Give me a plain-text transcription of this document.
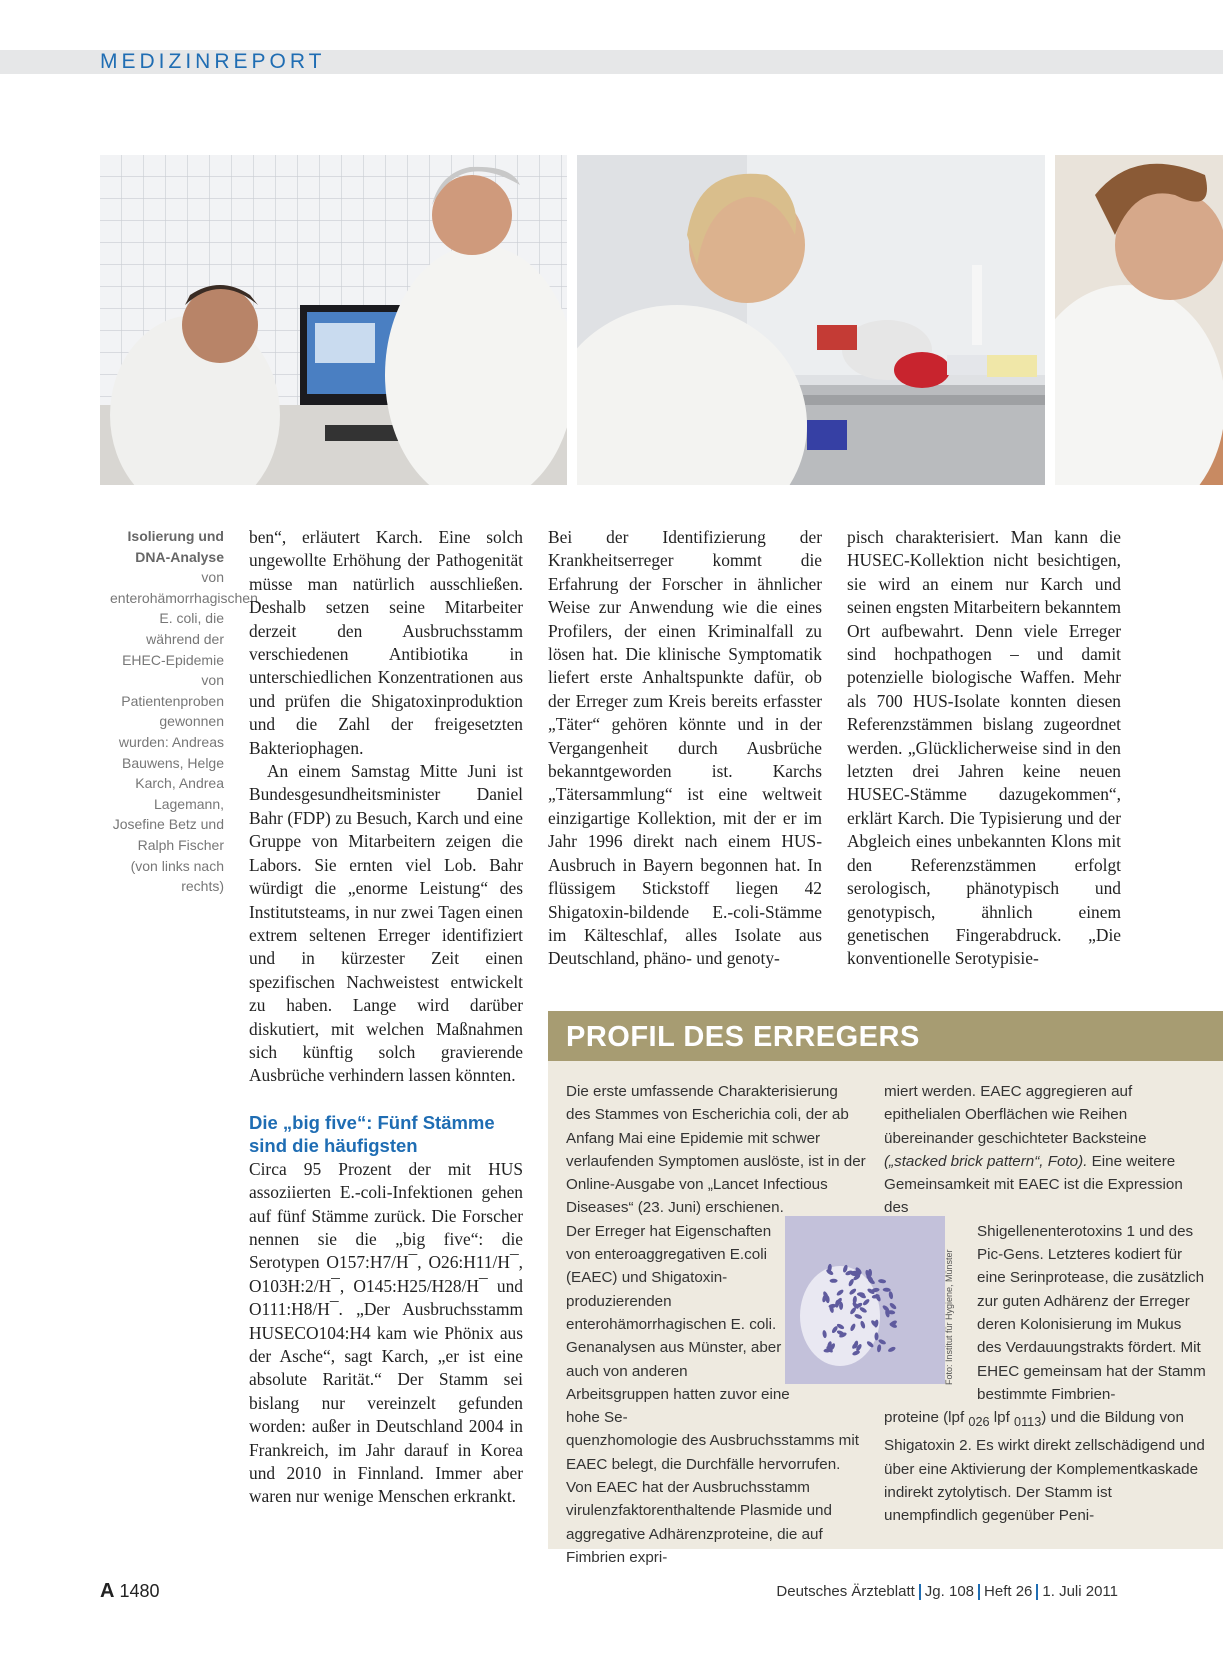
MEDIZINREPORT
Isolierung und DNA-Analyse von enterohämorrhagischen E. coli, die während der EHEC-Epidemie von Patientenproben gewonnen wurden: Andreas Bauwens, Helge Karch, Andrea Lagemann, Josefine Betz und Ralph Fischer (von links nach rechts)

ben“, erläutert Karch. Eine solch ungewollte Erhöhung der Pathogenität müsse man natürlich ausschließen. Deshalb setzen seine Mitarbeiter derzeit den Ausbruchsstamm verschiedenen Antibiotika in unterschiedlichen Konzentrationen aus und prüfen die Shigatoxinproduktion und die Zahl der freigesetzten Bakteriophagen.

An einem Samstag Mitte Juni ist Bundesgesundheitsminister Daniel Bahr (FDP) zu Besuch, Karch und eine Gruppe von Mitarbeitern zeigen die Labors. Sie ernten viel Lob. Bahr würdigt die „enorme Leistung“ des Institutsteams, in nur zwei Tagen einen extrem seltenen Erreger identifiziert und in kürzester Zeit einen spezifischen Nachweistest entwickelt zu haben. Lange wird darüber diskutiert, mit welchen Maßnahmen sich künftig solch gravierende Ausbrüche verhindern lassen könnten.

Die „big five“: Fünf Stämme sind die häufigsten

Circa 95 Prozent der mit HUS assoziierten E.-coli-Infektionen gehen auf fünf Stämme zurück. Die Forscher nennen sie die „big five“: die Serotypen O157:H7/H¯, O26:H11/H¯, O103H:2/H¯, O145:H25/H28/H¯ und O111:H8/H¯. „Der Ausbruchsstamm HUSECO104:H4 kam wie Phönix aus der Asche“, sagt Karch, „er ist eine absolute Rarität.“ Der Stamm sei bislang nur vereinzelt gefunden worden: außer in Deutschland 2004 in Frankreich, im Jahr darauf in Korea und 2010 in Finnland. Immer aber waren nur wenige Menschen erkrankt.

Bei der Identifizierung der Krankheitserreger kommt die Erfahrung der Forscher in ähnlicher Weise zur Anwendung wie die eines Profilers, der einen Kriminalfall zu lösen hat. Die klinische Symptomatik liefert erste Anhaltspunkte dafür, ob der Erreger zum Kreis bereits erfasster „Täter“ gehören könnte und in der Vergangenheit durch Ausbrüche bekanntgeworden ist. Karchs „Tätersammlung“ ist eine weltweit einzigartige Kollektion, mit der er im Jahr 1996 direkt nach einem HUS-Ausbruch in Bayern begonnen hat. In flüssigem Stickstoff liegen 42 Shigatoxin-bildende E.-coli-Stämme im Kälteschlaf, alles Isolate aus Deutschland, phäno- und genoty-

pisch charakterisiert. Man kann die HUSEC-Kollektion nicht besichtigen, sie wird an einem nur Karch und seinen engsten Mitarbeitern bekanntem Ort aufbewahrt. Denn viele Erreger sind hochpathogen – und damit potenzielle biologische Waffen. Mehr als 700 HUS-Isolate konnten diesen Referenzstämmen bislang zugeordnet werden. „Glücklicherweise sind in den letzten drei Jahren keine neuen HUSEC-Stämme dazugekommen“, erklärt Karch. Die Typisierung und der Abgleich eines unbekannten Klons mit den Referenzstämmen erfolgt serologisch, phänotypisch und genotypisch, ähnlich einem genetischen Fingerabdruck. „Die konventionelle Serotypisie-

PROFIL DES ERREGERS

Die erste umfassende Charakterisierung des Stammes von Escherichia coli, der ab Anfang Mai eine Epidemie mit schwer verlaufenden Symptomen auslöste, ist in der Online-Ausgabe von „Lancet Infectious Diseases“ (23. Juni) erschienen.

Der Erreger hat Eigenschaften von enteroaggregativen E.coli (EAEC) und Shigatoxin-produzierenden enterohämorrhagischen E. coli. Genanalysen aus Münster, aber auch von anderen Arbeitsgruppen hatten zuvor eine hohe Se-

quenzhomologie des Ausbruchsstamms mit EAEC belegt, die Durchfälle hervorrufen. Von EAEC hat der Ausbruchsstamm virulenzfaktorenthaltende Plasmide und aggregative Adhärenzproteine, die auf Fimbrien expri-

miert werden. EAEC aggregieren auf epithelialen Oberflächen wie Reihen übereinander geschichteter Backsteine („stacked brick pattern“, Foto). Eine weitere Gemeinsamkeit mit EAEC ist die Expression des

Shigellenenterotoxins 1 und des Pic-Gens. Letzteres kodiert für eine Serinprotease, die zusätzlich zur guten Adhärenz der Erreger deren Kolonisierung im Mukus des Verdauungstrakts fördert. Mit EHEC gemeinsam hat der Stamm bestimmte Fimbrien-

proteine (lpf $_{026}$ lpf $_{0113}$) und die Bildung von Shigatoxin 2. Es wirkt direkt zellschädigend und über eine Aktivierung der Komplementkaskade indirekt zytolytisch. Der Stamm ist unempfindlich gegenüber Peni-

Foto: Institut für Hygiene, Münster
A 1480	Deutsches Ärzteblatt Jg. 108 Heft 26 1. Juli 2011
